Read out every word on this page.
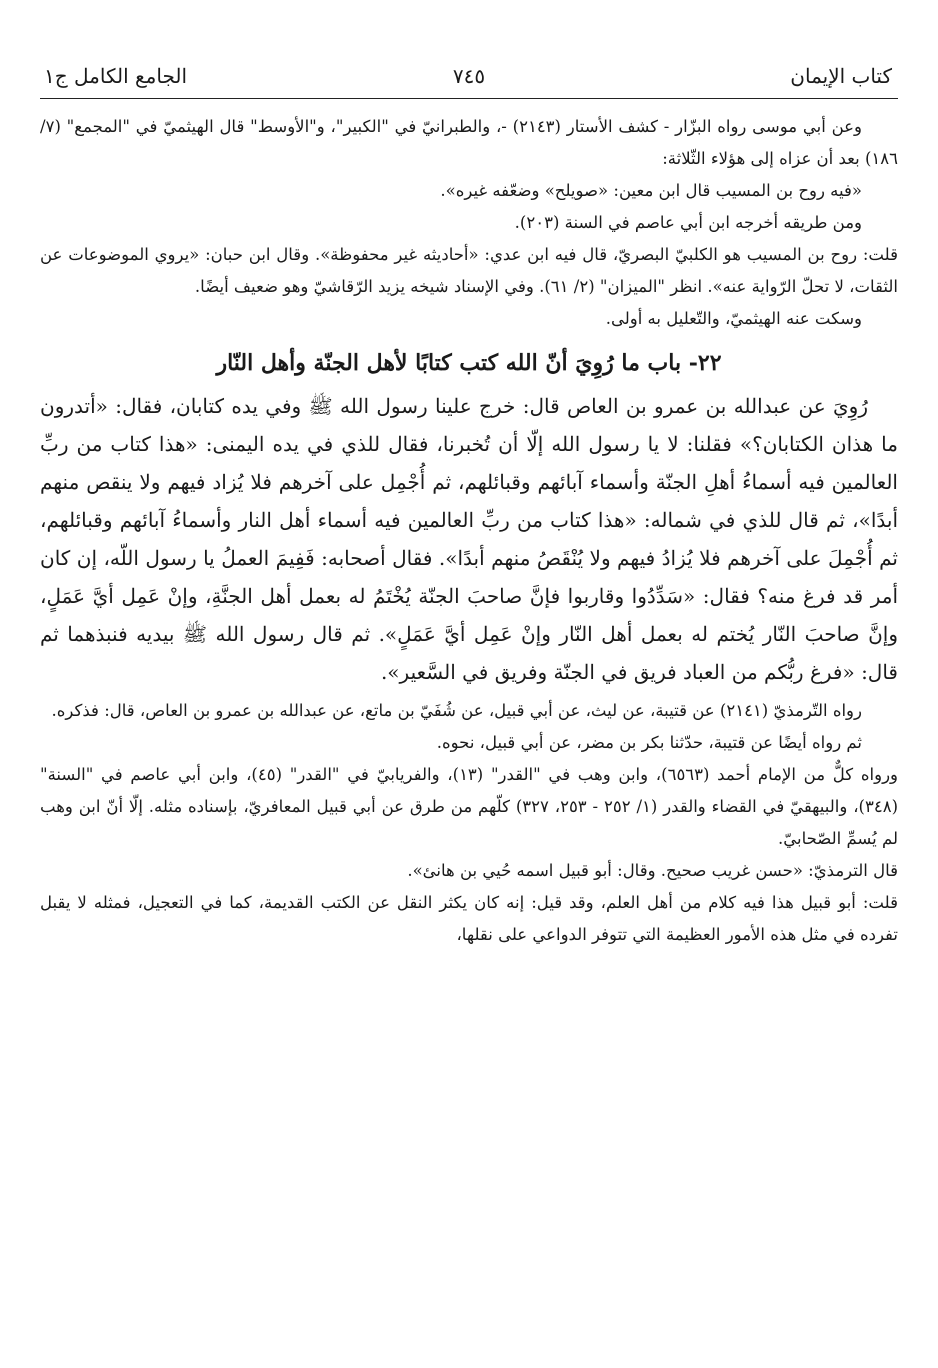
كتاب الإيمان
٧٤٥
الجامع الكامل ج١

وعن أبي موسى رواه البزّار - كشف الأستار (٢١٤٣) -، والطبرانيّ في "الكبير"، و"الأوسط" قال الهيثميّ في "المجمع" (٧/ ١٨٦) بعد أن عزاه إلى هؤلاء الثّلاثة:

«فيه روح بن المسيب قال ابن معين: «صويلح» وضعّفه غيره».

ومن طريقه أخرجه ابن أبي عاصم في السنة (٢٠٣).

قلت: روح بن المسيب هو الكلبيّ البصريّ، قال فيه ابن عدي: «أحاديثه غير محفوظة». وقال ابن حبان: «يروي الموضوعات عن الثقات، لا تحلّ الرّواية عنه». انظر "الميزان" (٢/ ٦١). وفي الإسناد شيخه يزيد الرّقاشيّ وهو ضعيف أيضًا.

وسكت عنه الهيثميّ، والتّعليل به أولى.

٢٢- باب ما رُوِيَ أنّ الله كتب كتابًا لأهل الجنّة وأهل النّار

رُوِيَ عن عبدالله بن عمرو بن العاص قال: خرج علينا رسول الله ﷺ وفي يده كتابان، فقال: «أتدرون ما هذان الكتابان؟» فقلنا: لا يا رسول الله إلّا أن تُخبرنا، فقال للذي في يده اليمنى: «هذا كتاب من ربِّ العالمين فيه أسماءُ أهلِ الجنّة وأسماء آبائهم وقبائلهم، ثم أُجْمِل على آخرهم فلا يُزاد فيهم ولا ينقص منهم أبدًا»، ثم قال للذي في شماله: «هذا كتاب من ربِّ العالمين فيه أسماء أهل النار وأسماءُ آبائهم وقبائلهم، ثم أُجْمِلَ على آخرهم فلا يُزادُ فيهم ولا يُنْقَصُ منهم أبدًا». فقال أصحابه: فَفِيمَ العملُ يا رسول اللّه، إن كان أمر قد فرغ منه؟ فقال: «سَدِّدُوا وقاربوا فإنَّ صاحبَ الجنّة يُخْتَمُ له بعمل أهل الجنَّةِ، وإنْ عَمِل أيَّ عَمَلٍ، وإنَّ صاحبَ النّار يُختم له بعمل أهل النّار وإنْ عَمِل أيَّ عَمَلٍ». ثم قال رسول الله ﷺ بيديه فنبذهما ثم قال: «فرغ ربُّكم من العباد فريق في الجنّة وفريق في السَّعير».

رواه التّرمذيّ (٢١٤١) عن قتيبة، عن ليث، عن أبي قبيل، عن شُفَيّ بن ماتع، عن عبدالله بن عمرو بن العاص، قال: فذكره.

ثم رواه أيضًا عن قتيبة، حدّثنا بكر بن مضر، عن أبي قبيل، نحوه.

ورواه كلٌّ من الإمام أحمد (٦٥٦٣)، وابن وهب في "القدر" (١٣)، والفريابيّ في "القدر" (٤٥)، وابن أبي عاصم في "السنة" (٣٤٨)، والبيهقيّ في القضاء والقدر (١/ ٢٥٢ - ٢٥٣، ٣٢٧) كلّهم من طرق عن أبي قبيل المعافريّ، بإسناده مثله. إلّا أنّ ابن وهب لم يُسمِّ الصّحابيّ.

قال الترمذيّ: «حسن غريب صحيح. وقال: أبو قبيل اسمه حُيي بن هانئ».

قلت: أبو قبيل هذا فيه كلام من أهل العلم، وقد قيل: إنه كان يكثر النقل عن الكتب القديمة، كما في التعجيل، فمثله لا يقبل تفرده في مثل هذه الأمور العظيمة التي تتوفر الدواعي على نقلها،
